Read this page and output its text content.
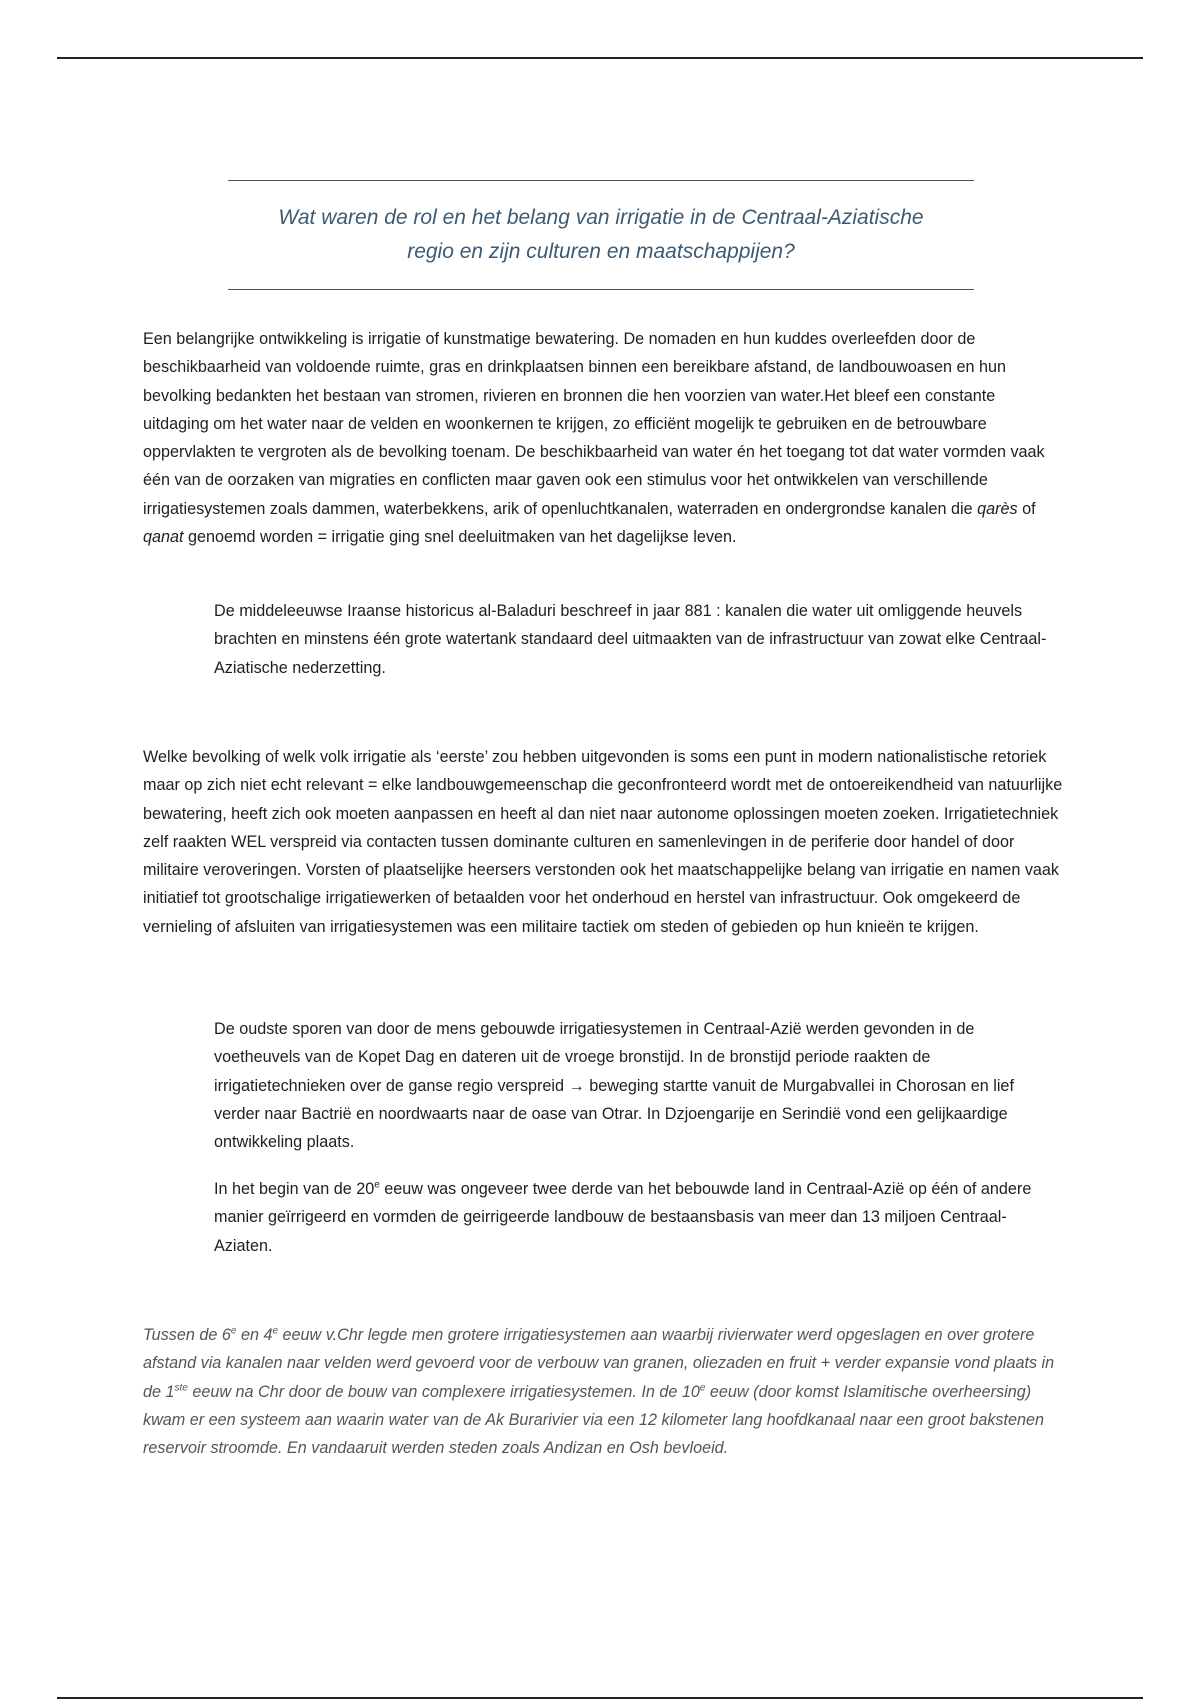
Wat waren de rol en het belang van irrigatie in de Centraal-Aziatische
regio en zijn culturen en maatschappijen?

Een belangrijke ontwikkeling is irrigatie of kunstmatige bewatering. De nomaden en hun kuddes overleefden door de beschikbaarheid van voldoende ruimte, gras en drinkplaatsen binnen een bereikbare afstand, de landbouwoasen en hun bevolking bedankten het bestaan van stromen, rivieren en bronnen die hen voorzien van water.Het bleef een constante uitdaging om het water naar de velden en woonkernen te krijgen, zo efficiënt mogelijk te gebruiken en de betrouwbare oppervlakten te vergroten als de bevolking toenam. De beschikbaarheid van water én het toegang tot dat water vormden vaak één van de oorzaken van migraties en conflicten maar gaven ook een stimulus voor het ontwikkelen van verschillende irrigatiesystemen zoals dammen, waterbekkens, arik of openluchtkanalen, waterraden en ondergrondse kanalen die qarès of qanat genoemd worden = irrigatie ging snel deeluitmaken van het dagelijkse leven.

De middeleeuwse Iraanse historicus al-Baladuri beschreef in jaar 881 : kanalen die water uit omliggende heuvels brachten en minstens één grote watertank standaard deel uitmaakten van de infrastructuur van zowat elke Centraal-Aziatische nederzetting.

Welke bevolking of welk volk irrigatie als ‘eerste’ zou hebben uitgevonden is soms een punt in modern nationalistische retoriek maar op zich niet echt relevant = elke landbouwgemeenschap die geconfronteerd wordt met de ontoereikendheid van natuurlijke bewatering, heeft zich ook moeten aanpassen en heeft al dan niet naar autonome oplossingen moeten zoeken. Irrigatietechniek zelf raakten WEL verspreid via contacten tussen dominante culturen en samenlevingen in de periferie door handel of door militaire veroveringen. Vorsten of plaatselijke heersers verstonden ook het maatschappelijke belang van irrigatie en namen vaak initiatief tot grootschalige irrigatiewerken of betaalden voor het onderhoud en herstel van infrastructuur. Ook omgekeerd de vernieling of afsluiten van irrigatiesystemen was een militaire tactiek om steden of gebieden op hun knieën te krijgen.

De oudste sporen van door de mens gebouwde irrigatiesystemen in Centraal-Azië werden gevonden in de voetheuvels van de Kopet Dag en dateren uit de vroege bronstijd. In de bronstijd periode raakten de irrigatietechnieken over de ganse regio verspreid → beweging startte vanuit de Murgabvallei in Chorosan en lief verder naar Bactrië en noordwaarts naar de oase van Otrar. In Dzjoengarije en Serindië vond een gelijkaardige ontwikkeling plaats.

In het begin van de 20e eeuw was ongeveer twee derde van het bebouwde land in Centraal-Azië op één of andere manier geïrrigeerd en vormden de geirrigeerde landbouw de bestaansbasis van meer dan 13 miljoen Centraal-Aziaten.

Tussen de 6e en 4e eeuw v.Chr legde men grotere irrigatiesystemen aan waarbij rivierwater werd opgeslagen en over grotere afstand via kanalen naar velden werd gevoerd voor de verbouw van granen, oliezaden en fruit + verder expansie vond plaats in de 1ste eeuw na Chr door de bouw van complexere irrigatiesystemen. In de 10e eeuw (door komst Islamitische overheersing) kwam er een systeem aan waarin water van de Ak Burarivier via een 12 kilometer lang hoofdkanaal naar een groot bakstenen reservoir stroomde. En vandaaruit werden steden zoals Andizan en Osh bevloeid.
